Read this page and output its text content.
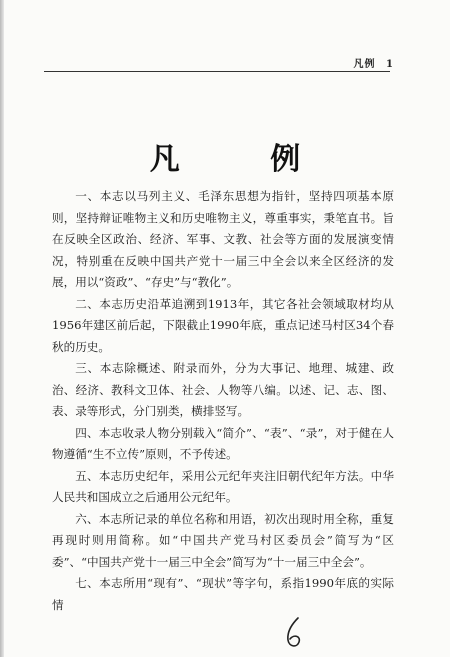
凡例 1
凡 例

一、本志以马列主义、毛泽东思想为指针，坚持四项基本原则，坚持辩证唯物主义和历史唯物主义，尊重事实，秉笔直书。旨在反映全区政治、经济、军事、文教、社会等方面的发展演变情况，特别重在反映中国共产党十一届三中全会以来全区经济的发展，用以“资政”、“存史”与“教化”。

二、本志历史沿革追溯到1913年，其它各社会领域取材均从1956年建区前后起，下限截止1990年底，重点记述马村区34个春秋的历史。

三、本志除概述、附录而外，分为大事记、地理、城建、政治、经济、教科文卫体、社会、人物等八编。以述、记、志、图、表、录等形式，分门别类，横排竖写。

四、本志收录人物分别载入“简介”、“表”、“录”，对于健在人物遵循“生不立传”原则，不予传述。

五、本志历史纪年，采用公元纪年夹注旧朝代纪年方法。中华人民共和国成立之后通用公元纪年。

六、本志所记录的单位名称和用语，初次出现时用全称，重复再现时则用简称。如“中国共产党马村区委员会”简写为“区委”、“中国共产党十一届三中全会”简写为“十一届三中全会”。

七、本志所用“现有”、“现状”等字句，系指1990年底的实际情
